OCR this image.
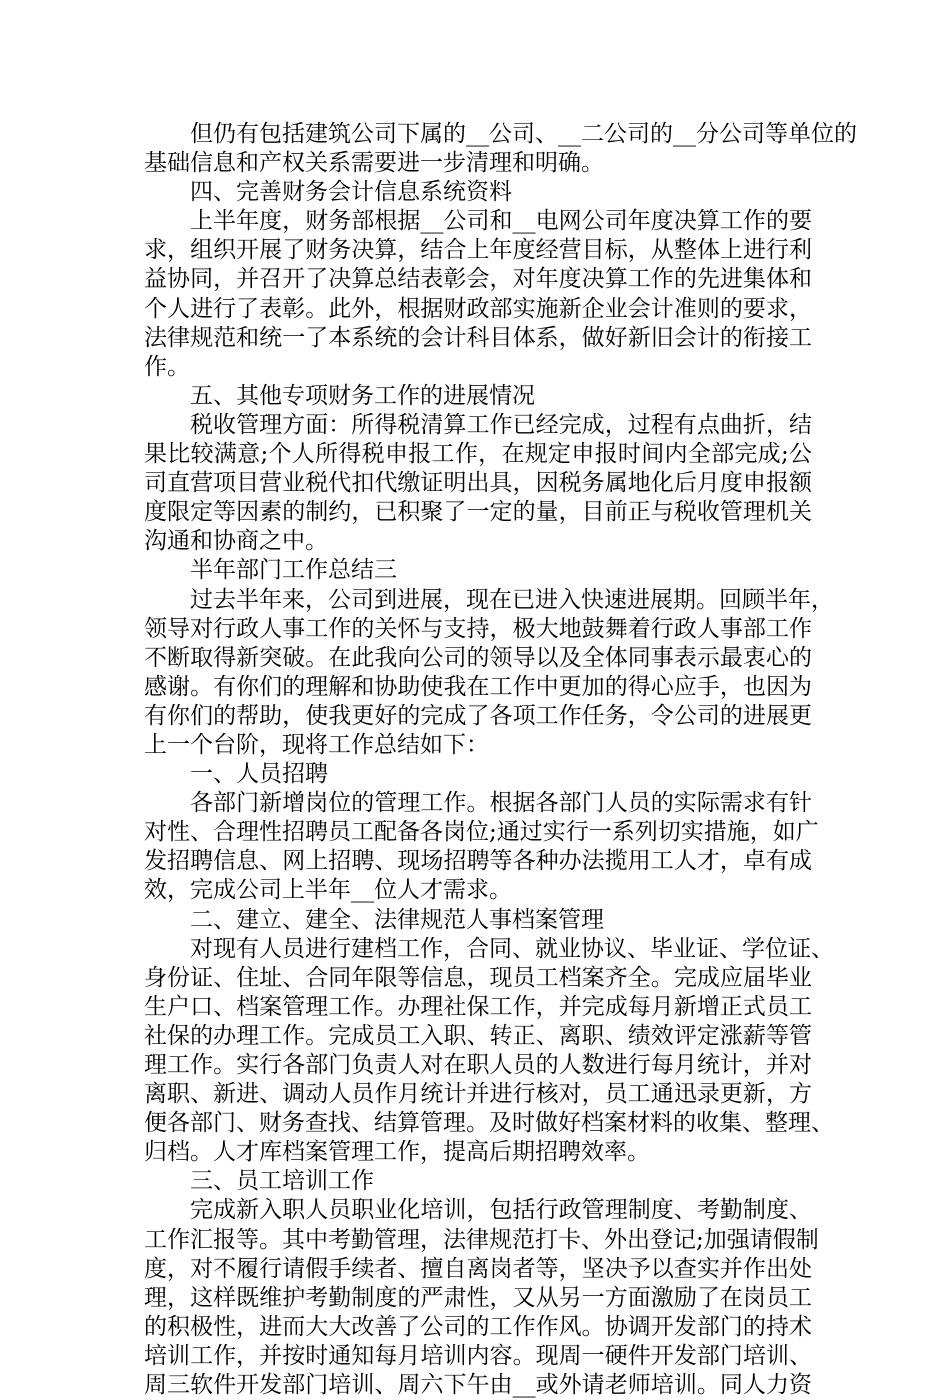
但仍有包括建筑公司下属的__公司、__二公司的__分公司等单位的
基础信息和产权关系需要进一步清理和明确。
四、完善财务会计信息系统资料
上半年度，财务部根据__公司和__电网公司年度决算工作的要
求，组织开展了财务决算，结合上年度经营目标，从整体上进行利
益协同，并召开了决算总结表彰会，对年度决算工作的先进集体和
个人进行了表彰。此外，根据财政部实施新企业会计准则的要求，
法律规范和统一了本系统的会计科目体系，做好新旧会计的衔接工
作。
五、其他专项财务工作的进展情况
税收管理方面：所得税清算工作已经完成，过程有点曲折，结
果比较满意;个人所得税申报工作，在规定申报时间内全部完成;公
司直营项目营业税代扣代缴证明出具，因税务属地化后月度申报额
度限定等因素的制约，已积聚了一定的量，目前正与税收管理机关
沟通和协商之中。
半年部门工作总结三
过去半年来，公司到进展，现在已进入快速进展期。回顾半年，
领导对行政人事工作的关怀与支持，极大地鼓舞着行政人事部工作
不断取得新突破。在此我向公司的领导以及全体同事表示最衷心的
感谢。有你们的理解和协助使我在工作中更加的得心应手，也因为
有你们的帮助，使我更好的完成了各项工作任务，令公司的进展更
上一个台阶，现将工作总结如下：
一、人员招聘
各部门新增岗位的管理工作。根据各部门人员的实际需求有针
对性、合理性招聘员工配备各岗位;通过实行一系列切实措施，如广
发招聘信息、网上招聘、现场招聘等各种办法揽用工人才，卓有成
效，完成公司上半年__位人才需求。
二、建立、建全、法律规范人事档案管理
对现有人员进行建档工作，合同、就业协议、毕业证、学位证、
身份证、住址、合同年限等信息，现员工档案齐全。完成应届毕业
生户口、档案管理工作。办理社保工作，并完成每月新增正式员工
社保的办理工作。完成员工入职、转正、离职、绩效评定涨薪等管
理工作。实行各部门负责人对在职人员的人数进行每月统计，并对
离职、新进、调动人员作月统计并进行核对，员工通迅录更新，方
便各部门、财务查找、结算管理。及时做好档案材料的收集、整理、
归档。人才库档案管理工作，提高后期招聘效率。
三、员工培训工作
完成新入职人员职业化培训，包括行政管理制度、考勤制度、
工作汇报等。其中考勤管理，法律规范打卡、外出登记;加强请假制
度，对不履行请假手续者、擅自离岗者等，坚决予以查实并作出处
理，这样既维护考勤制度的严肃性，又从另一方面激励了在岗员工
的积极性，进而大大改善了公司的工作作风。协调开发部门的持术
培训工作，并按时通知每月培训内容。现周一硬件开发部门培训、
周三软件开发部门培训、周六下午由__或外请老师培训。同人力资
